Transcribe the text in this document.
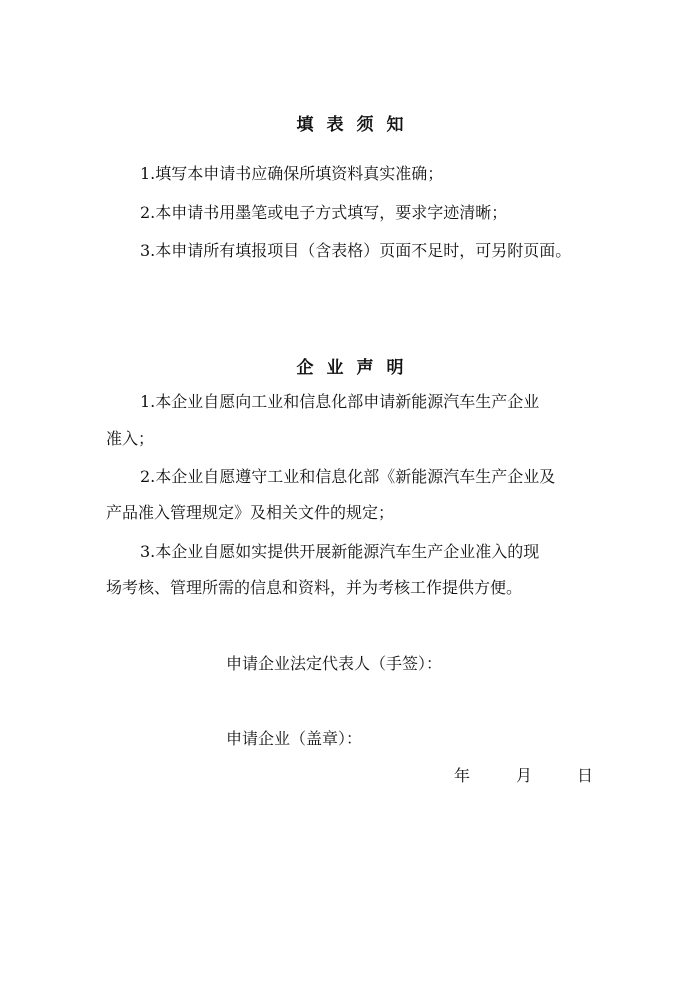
填表须知
1.填写本申请书应确保所填资料真实准确；
2.本申请书用墨笔或电子方式填写，要求字迹清晰；
3.本申请所有填报项目（含表格）页面不足时，可另附页面。
企业声明
1.本企业自愿向工业和信息化部申请新能源汽车生产企业
准入；
2.本企业自愿遵守工业和信息化部《新能源汽车生产企业及
产品准入管理规定》及相关文件的规定；
3.本企业自愿如实提供开展新能源汽车生产企业准入的现
场考核、管理所需的信息和资料，并为考核工作提供方便。
申请企业法定代表人（手签）：
申请企业（盖章）：
年	月	日
